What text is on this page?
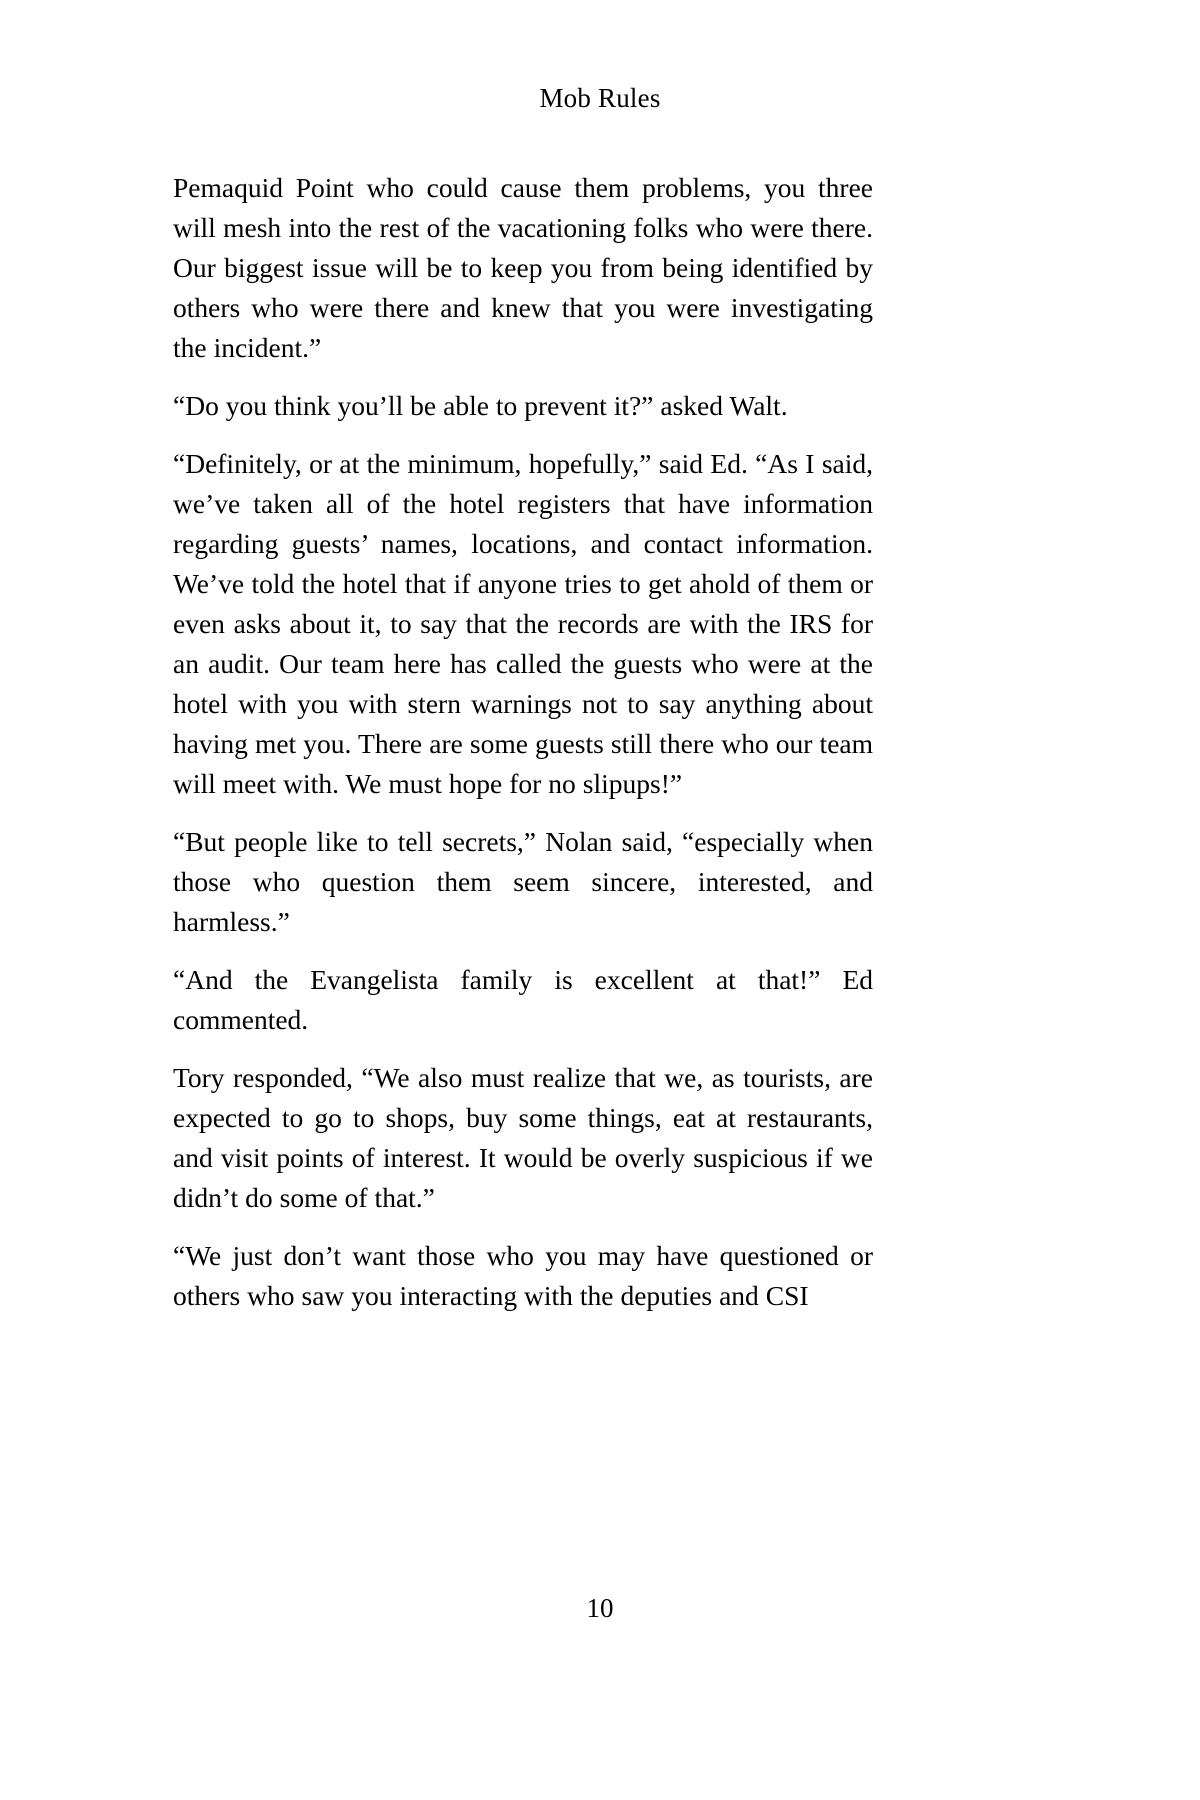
Mob Rules

Pemaquid Point who could cause them problems, you three will mesh into the rest of the vacationing folks who were there. Our biggest issue will be to keep you from being identified by others who were there and knew that you were investigating the incident.”

“Do you think you’ll be able to prevent it?” asked Walt.

“Definitely, or at the minimum, hopefully,” said Ed. “As I said, we’ve taken all of the hotel registers that have information regarding guests’ names, locations, and contact information. We’ve told the hotel that if anyone tries to get ahold of them or even asks about it, to say that the records are with the IRS for an audit. Our team here has called the guests who were at the hotel with you with stern warnings not to say anything about having met you. There are some guests still there who our team will meet with. We must hope for no slipups!”

“But people like to tell secrets,” Nolan said, “especially when those who question them seem sincere, interested, and harmless.”

“And the Evangelista family is excellent at that!” Ed commented.

Tory responded, “We also must realize that we, as tourists, are expected to go to shops, buy some things, eat at restaurants, and visit points of interest. It would be overly suspicious if we didn’t do some of that.”

“We just don’t want those who you may have questioned or others who saw you interacting with the deputies and CSI

10
